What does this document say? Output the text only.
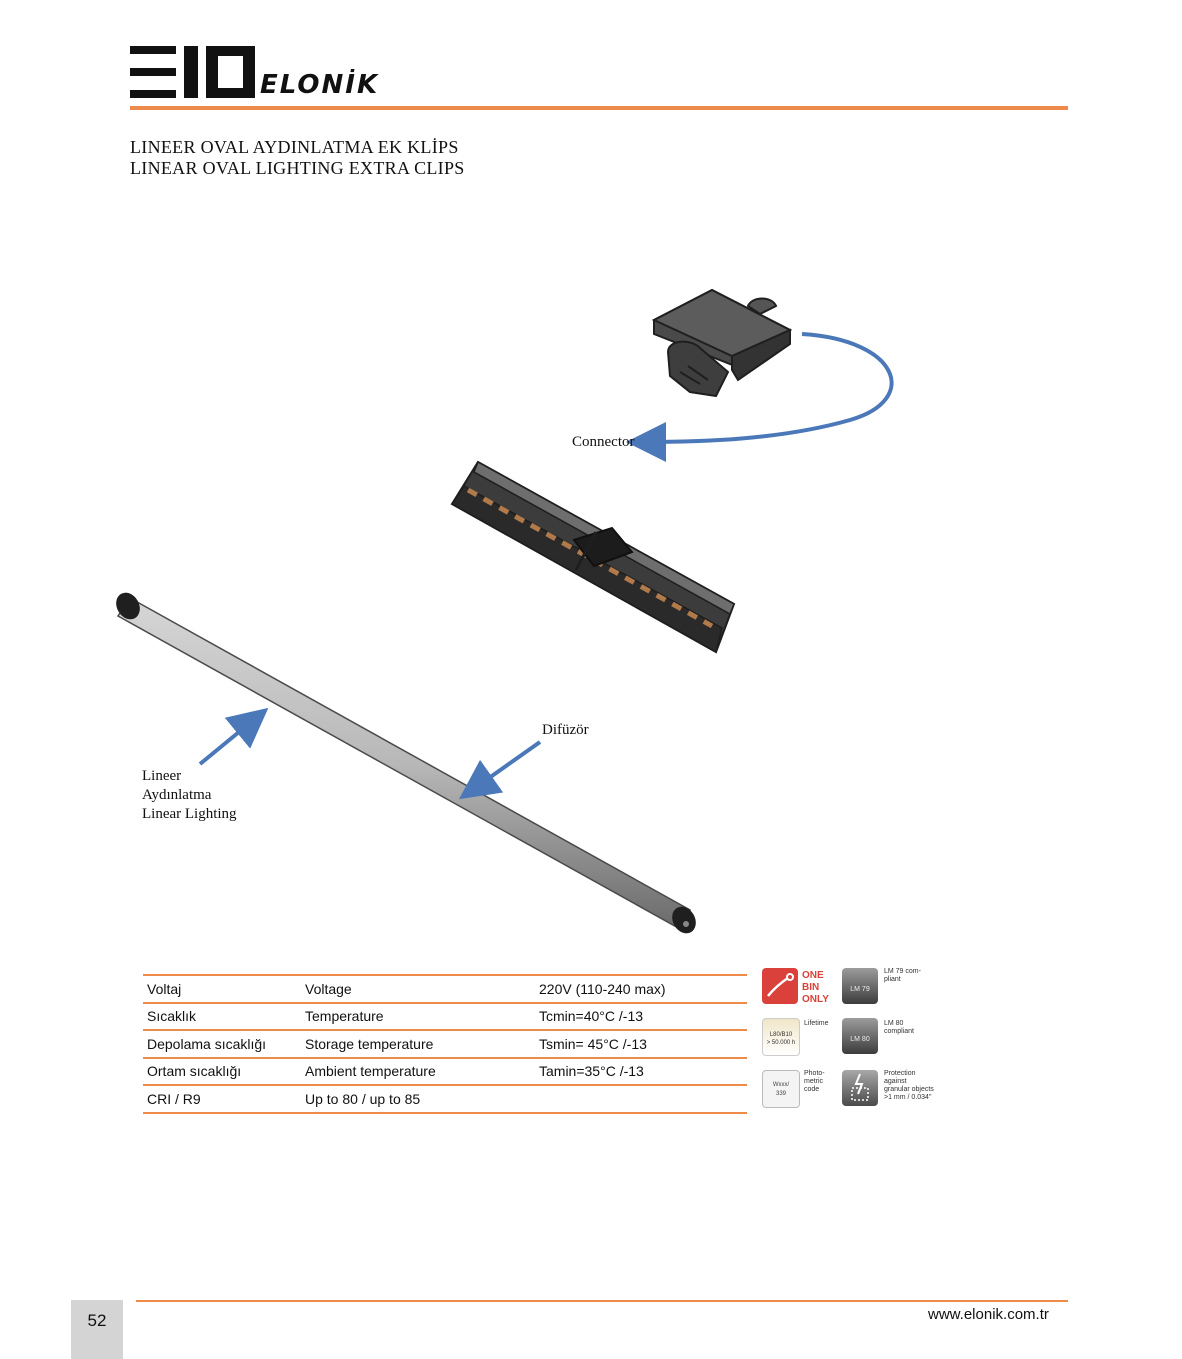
ELONİK
LINEER OVAL AYDINLATMA EK KLİPS
LINEAR OVAL LIGHTING EXTRA CLIPS
Connector
Difüzör
Lineer
Aydınlatma
Linear Lighting
Voltaj	Voltage	220V (110-240 max)
Sıcaklık	Temperature	Tcmin=40°C /-13
Depolama sıcaklığı	Storage temperature	Tsmin= 45°C /-13
Ortam sıcaklığı	Ambient temperature	Tamin=35°C /-13
CRI / R9	Up to 80 / up to 85	
ONE BIN ONLY
LM 79
LM 79 com-
pliant
L80/B10
> 50.000 h
Lifetime
LM 80
LM 80
compliant
Wxxx/
339
Photo-
metric
code
Protection
against
granular objects
>1 mm / 0.034"
52	www.elonik.com.tr
